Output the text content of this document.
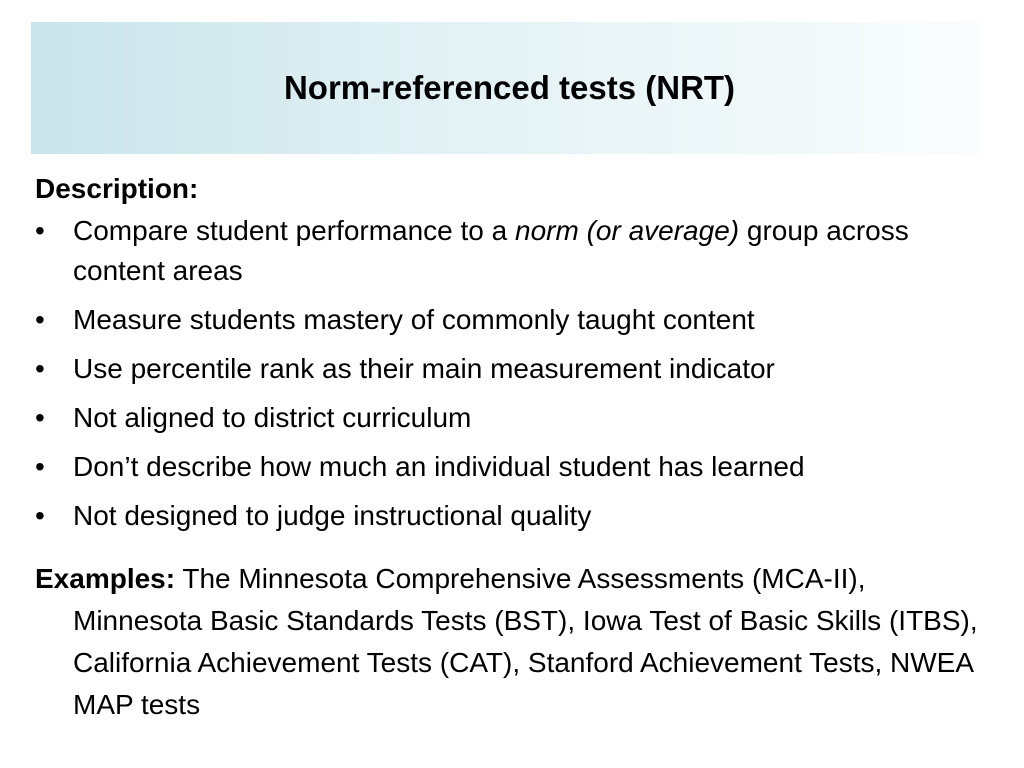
Norm-referenced tests (NRT)

Description:

• Compare student performance to a norm (or average) group across content areas
• Measure students mastery of commonly taught content
• Use percentile rank as their main measurement indicator
• Not aligned to district curriculum
• Don’t describe how much an individual student has learned
• Not designed to judge instructional quality

Examples: The Minnesota Comprehensive Assessments (MCA-II), Minnesota Basic Standards Tests (BST), Iowa Test of Basic Skills (ITBS), California Achievement Tests (CAT), Stanford Achievement Tests, NWEA MAP tests
